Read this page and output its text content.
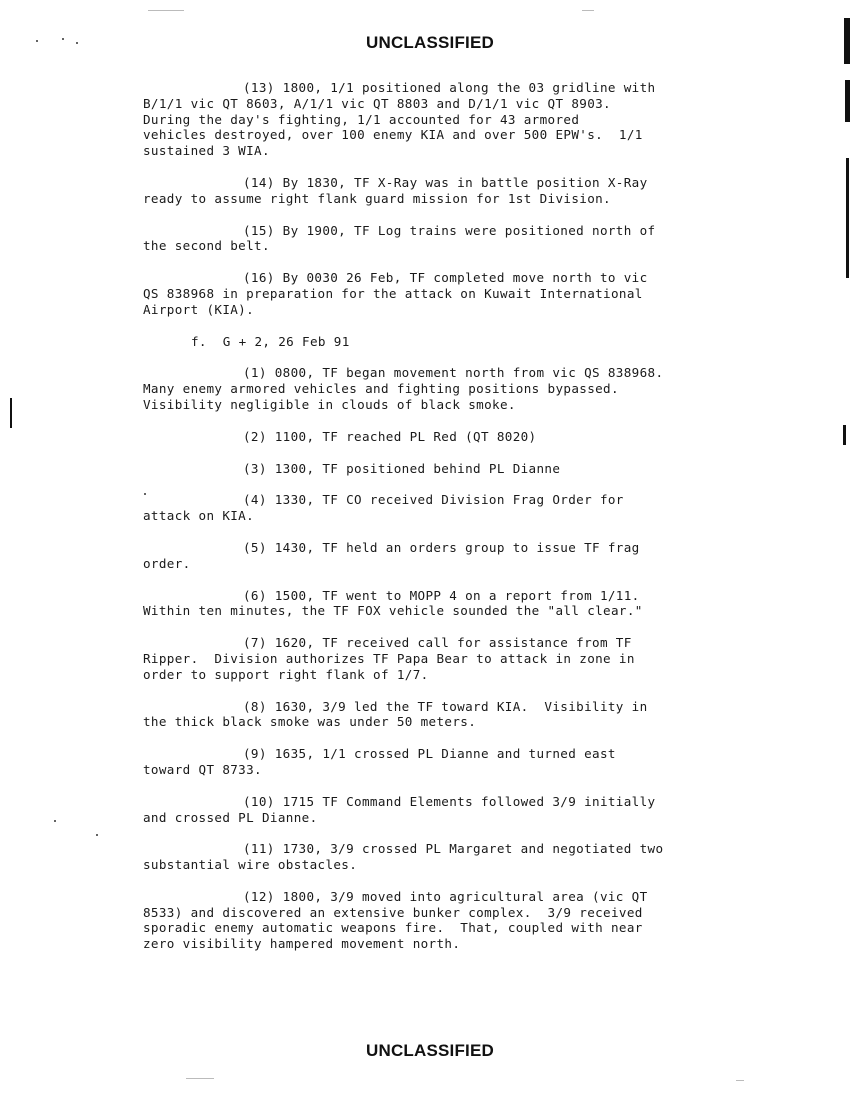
UNCLASSIFIED
(13) 1800, 1/1 positioned along the 03 gridline with
B/1/1 vic QT 8603, A/1/1 vic QT 8803 and D/1/1 vic QT 8903.
During the day's fighting, 1/1 accounted for 43 armored
vehicles destroyed, over 100 enemy KIA and over 500 EPW's.  1/1
sustained 3 WIA.
(14) By 1830, TF X-Ray was in battle position X-Ray
ready to assume right flank guard mission for 1st Division.
(15) By 1900, TF Log trains were positioned north of
the second belt.
(16) By 0030 26 Feb, TF completed move north to vic
QS 838968 in preparation for the attack on Kuwait International
Airport (KIA).
f.  G + 2, 26 Feb 91
(1) 0800, TF began movement north from vic QS 838968.
Many enemy armored vehicles and fighting positions bypassed.
Visibility negligible in clouds of black smoke.
(2) 1100, TF reached PL Red (QT 8020)
(3) 1300, TF positioned behind PL Dianne
(4) 1330, TF CO received Division Frag Order for
attack on KIA.
(5) 1430, TF held an orders group to issue TF frag
order.
(6) 1500, TF went to MOPP 4 on a report from 1/11.
Within ten minutes, the TF FOX vehicle sounded the "all clear."
(7) 1620, TF received call for assistance from TF
Ripper.  Division authorizes TF Papa Bear to attack in zone in
order to support right flank of 1/7.
(8) 1630, 3/9 led the TF toward KIA.  Visibility in
the thick black smoke was under 50 meters.
(9) 1635, 1/1 crossed PL Dianne and turned east
toward QT 8733.
(10) 1715 TF Command Elements followed 3/9 initially
and crossed PL Dianne.
(11) 1730, 3/9 crossed PL Margaret and negotiated two
substantial wire obstacles.
(12) 1800, 3/9 moved into agricultural area (vic QT
8533) and discovered an extensive bunker complex.  3/9 received
sporadic enemy automatic weapons fire.  That, coupled with near
zero visibility hampered movement north.
UNCLASSIFIED
